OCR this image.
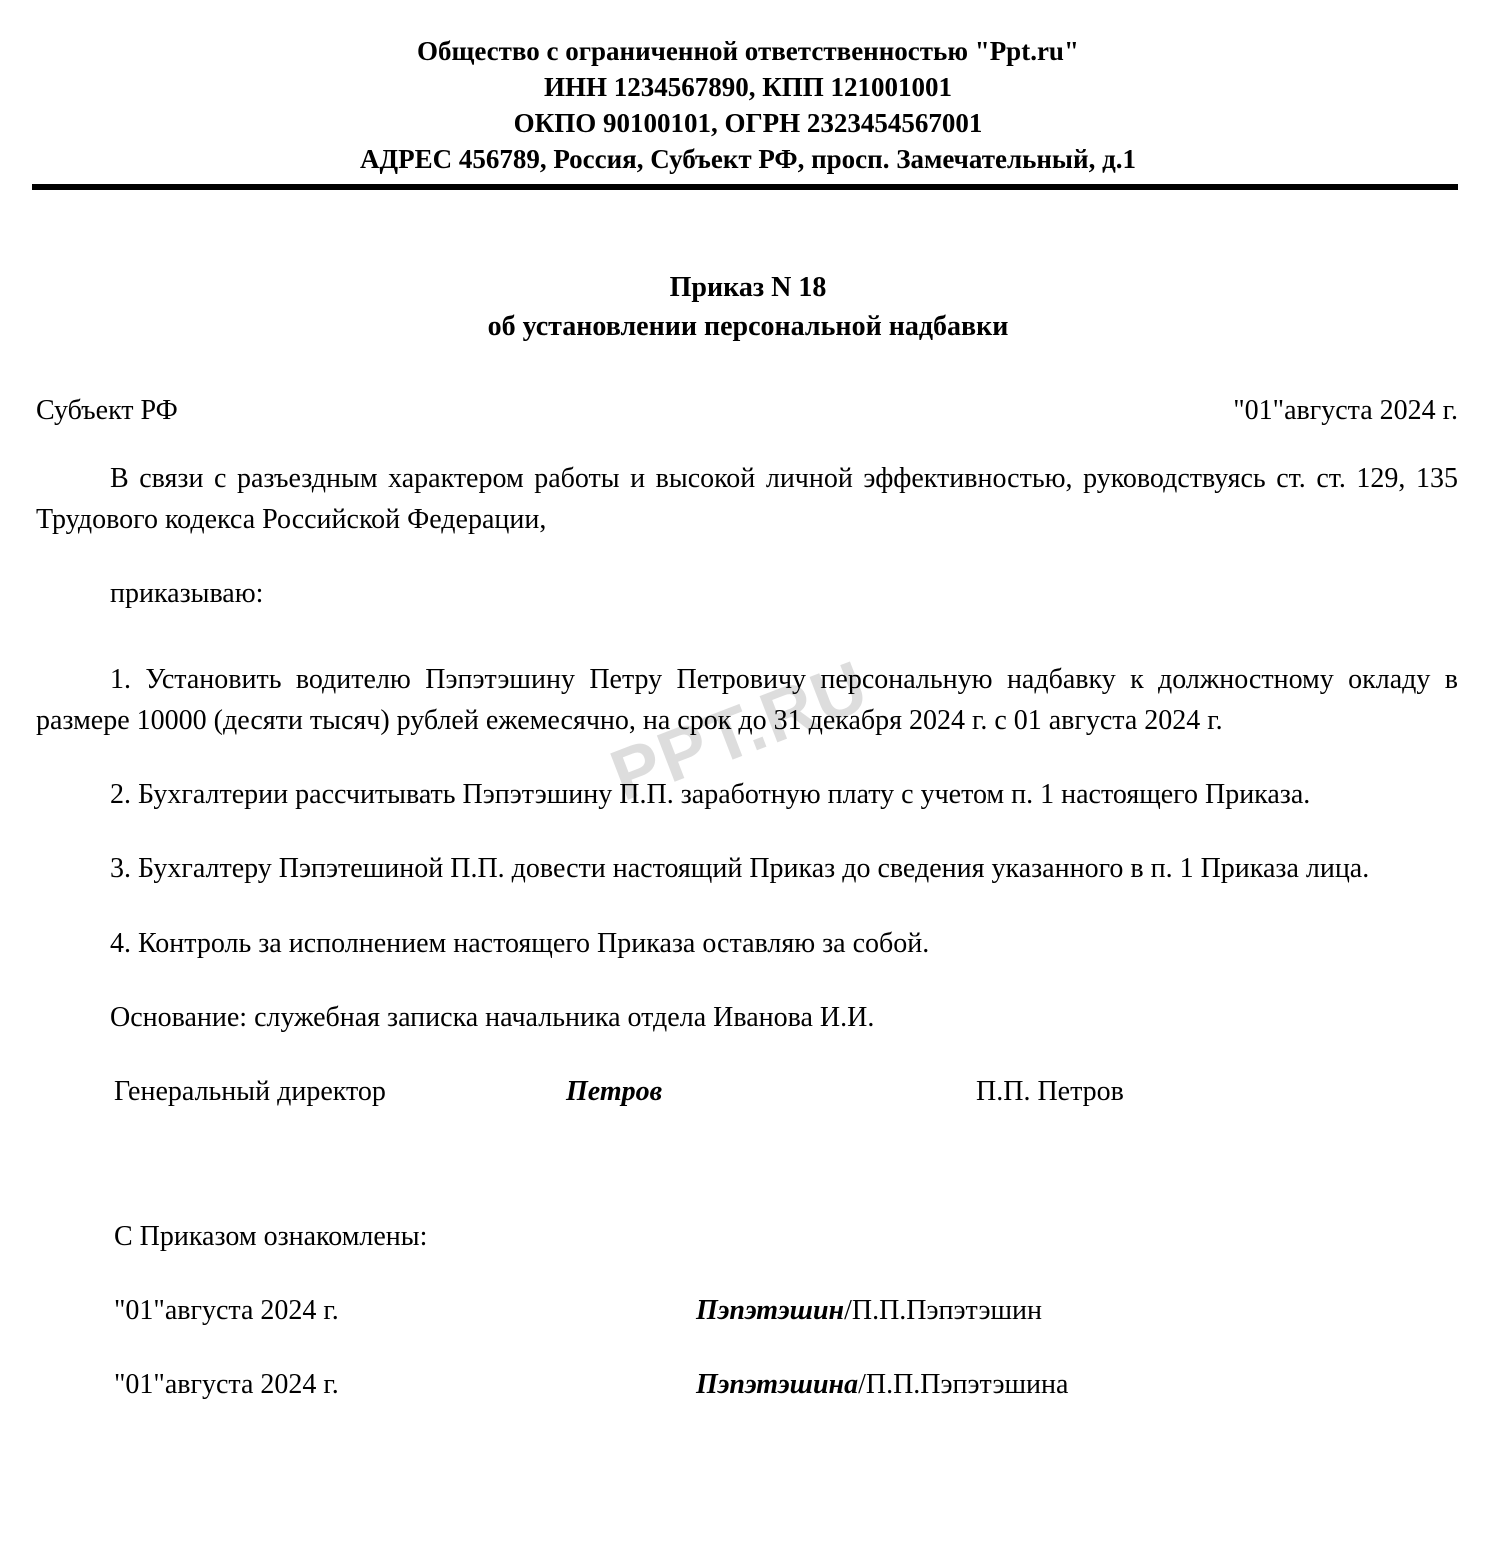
PPT.RU
Общество с ограниченной ответственностью "Ppt.ru"
ИНН 1234567890, КПП 121001001
ОКПО 90100101, ОГРН 2323454567001
АДРЕС 456789, Россия, Субъект РФ, просп. Замечательный, д.1
Приказ N 18
об установлении персональной надбавки
Субъект РФ	"01"августа 2024 г.

В связи с разъездным характером работы и высокой личной эффективностью, руководствуясь ст. ст. 129, 135 Трудового кодекса Российской Федерации,

приказываю:

1. Установить водителю Пэпэтэшину Петру Петровичу персональную надбавку к должностному окладу в размере 10000 (десяти тысяч) рублей ежемесячно, на срок до 31 декабря 2024 г. с 01 августа 2024 г.

2. Бухгалтерии рассчитывать Пэпэтэшину П.П. заработную плату с учетом п. 1 настоящего Приказа.

3. Бухгалтеру Пэпэтешиной П.П. довести настоящий Приказ до сведения указанного в п. 1 Приказа лица.

4. Контроль за исполнением настоящего Приказа оставляю за собой.

Основание: служебная записка начальника отдела Иванова И.И.

Генеральный директор	Петров	П.П. Петров

С Приказом ознакомлены:

"01"августа 2024 г.	Пэпэтэшин/П.П.Пэпэтэшин
"01"августа 2024 г.	Пэпэтэшина/П.П.Пэпэтэшина
